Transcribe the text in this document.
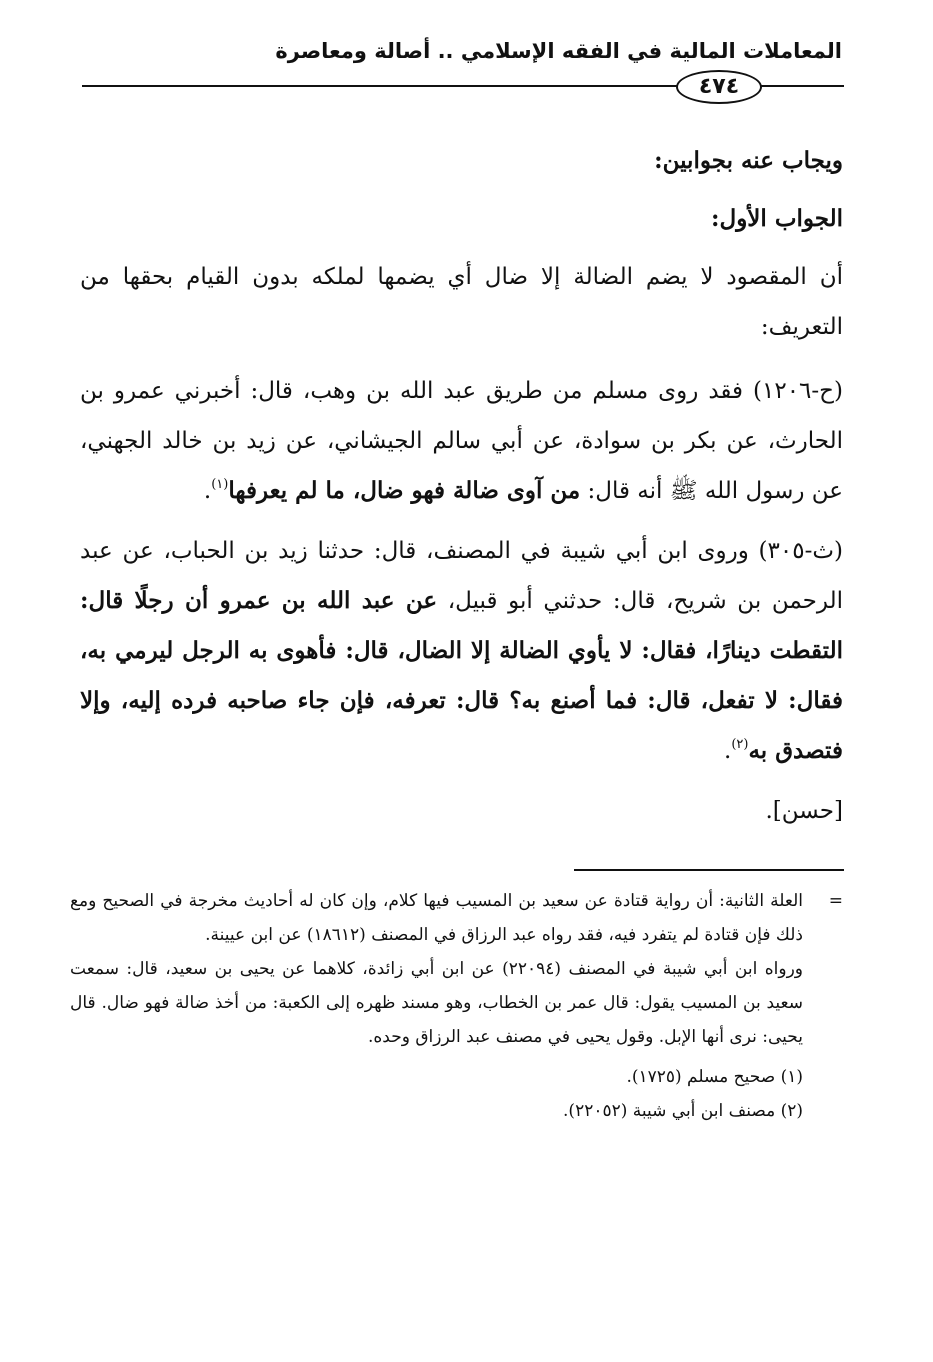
المعاملات المالية في الفقه الإسلامي .. أصالة ومعاصرة
٤٧٤

ويجاب عنه بجوابين:

الجواب الأول:

أن المقصود لا يضم الضالة إلا ضال أي يضمها لملكه بدون القيام بحقها من التعريف:

(ح-١٢٠٦) فقد روى مسلم من طريق عبد الله بن وهب، قال: أخبرني عمرو بن الحارث، عن بكر بن سوادة، عن أبي سالم الجيشاني، عن زيد بن خالد الجهني، عن رسول الله ﷺ أنه قال: من آوى ضالة فهو ضال، ما لم يعرفها$^{(١)}$.

(ث-٣٠٥) وروى ابن أبي شيبة في المصنف، قال: حدثنا زيد بن الحباب، عن عبد الرحمن بن شريح، قال: حدثني أبو قبيل، عن عبد الله بن عمرو أن رجلًا قال: التقطت دينارًا، فقال: لا يأوي الضالة إلا الضال، قال: فأهوى به الرجل ليرمي به، فقال: لا تفعل، قال: فما أصنع به؟ قال: تعرفه، فإن جاء صاحبه فرده إليه، وإلا فتصدق به$^{(٢)}$.

[حسن].

=
العلة الثانية: أن رواية قتادة عن سعيد بن المسيب فيها كلام، وإن كان له أحاديث مخرجة في الصحيح ومع ذلك فإن قتادة لم يتفرد فيه، فقد رواه عبد الرزاق في المصنف (١٨٦١٢) عن ابن عيينة.

ورواه ابن أبي شيبة في المصنف (٢٢٠٩٤) عن ابن أبي زائدة، كلاهما عن يحيى بن سعيد، قال: سمعت سعيد بن المسيب يقول: قال عمر بن الخطاب، وهو مسند ظهره إلى الكعبة: من أخذ ضالة فهو ضال. قال يحيى: نرى أنها الإبل. وقول يحيى في مصنف عبد الرزاق وحده.

(١) صحيح مسلم (١٧٢٥).

(٢) مصنف ابن أبي شيبة (٢٢٠٥٢).
